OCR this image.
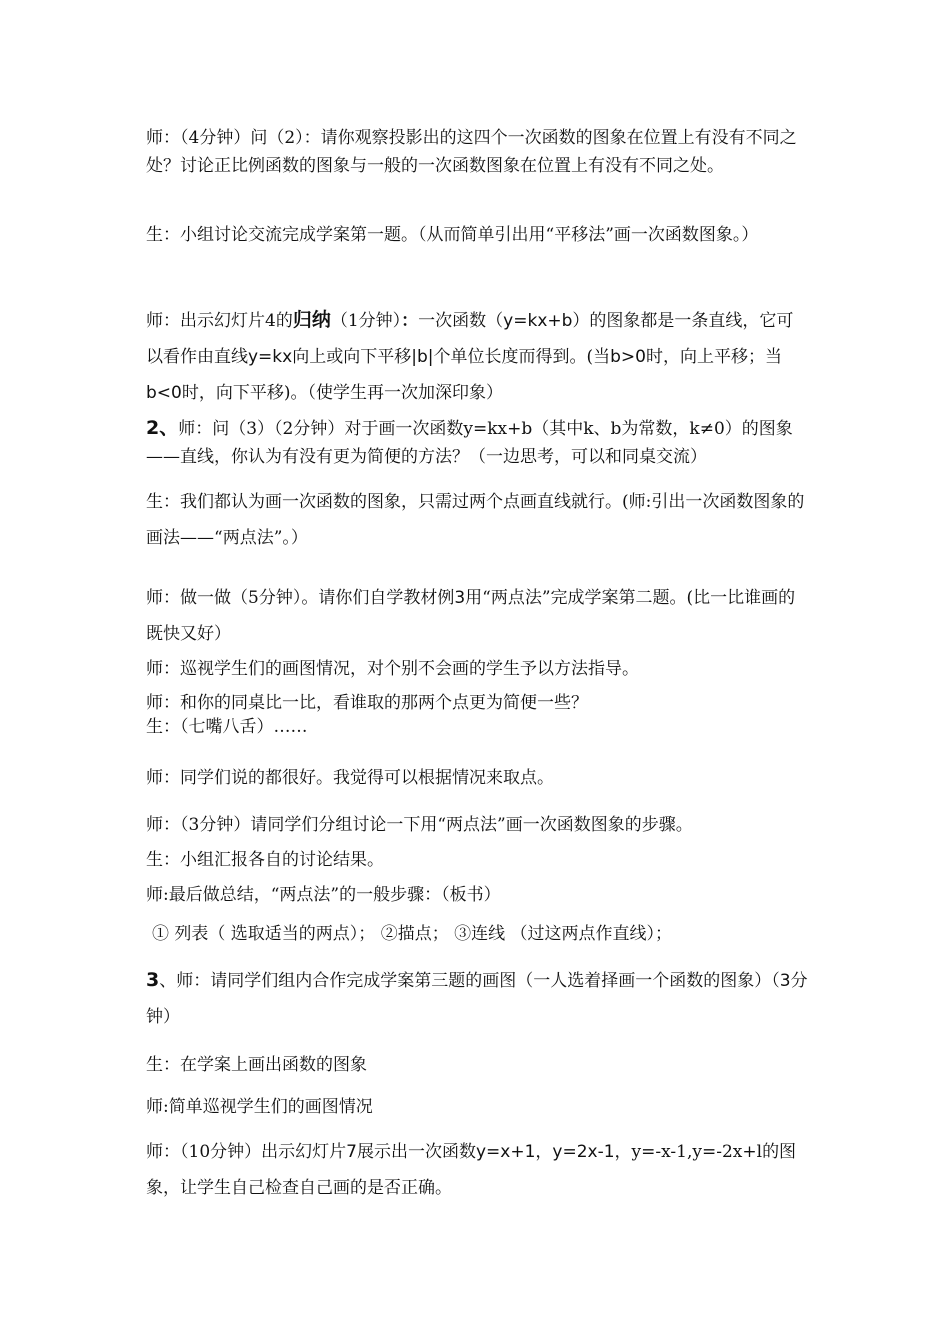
师：（4分钟）问（2）：请你观察投影出的这四个一次函数的图象在位置上有没有不同之处？讨论正比例函数的图象与一般的一次函数图象在位置上有没有不同之处。

生：小组讨论交流完成学案第一题。（从而简单引出用“平移法”画一次函数图象。）

师：出示幻灯片4的归纳（1分钟）：一次函数（y=kx+b）的图象都是一条直线，它可以看作由直线y=kx向上或向下平移|b|个单位长度而得到。(当b>0时，向上平移；当b<0时，向下平移)。（使学生再一次加深印象）

2、师：问（3）（2分钟）对于画一次函数y=kx+b（其中k、b为常数，k≠0）的图象——直线，你认为有没有更为简便的方法？（一边思考，可以和同桌交流）

生：我们都认为画一次函数的图象，只需过两个点画直线就行。(师:引出一次函数图象的画法——“两点法”。）

师：做一做（5分钟）。请你们自学教材例3用“两点法”完成学案第二题。(比一比谁画的既快又好）

师：巡视学生们的画图情况，对个别不会画的学生予以方法指导。

师：和你的同桌比一比，看谁取的那两个点更为简便一些？
生：（七嘴八舌）……

师：同学们说的都很好。我觉得可以根据情况来取点。

师：（3分钟）请同学们分组讨论一下用“两点法”画一次函数图象的步骤。

生：小组汇报各自的讨论结果。

师:最后做总结，“两点法”的一般步骤：（板书）

① 列表（ 选取适当的两点）； ②描点； ③连线 （过这两点作直线）；

3、师：请同学们组内合作完成学案第三题的画图（一人选着择画一个函数的图象）（3分钟）

生：在学案上画出函数的图象

师:简单巡视学生们的画图情况

师：（10分钟）出示幻灯片7展示出一次函数y=x+1，y=2x-1，y=-x-1,y=-2x+l的图象，让学生自己检查自己画的是否正确。
